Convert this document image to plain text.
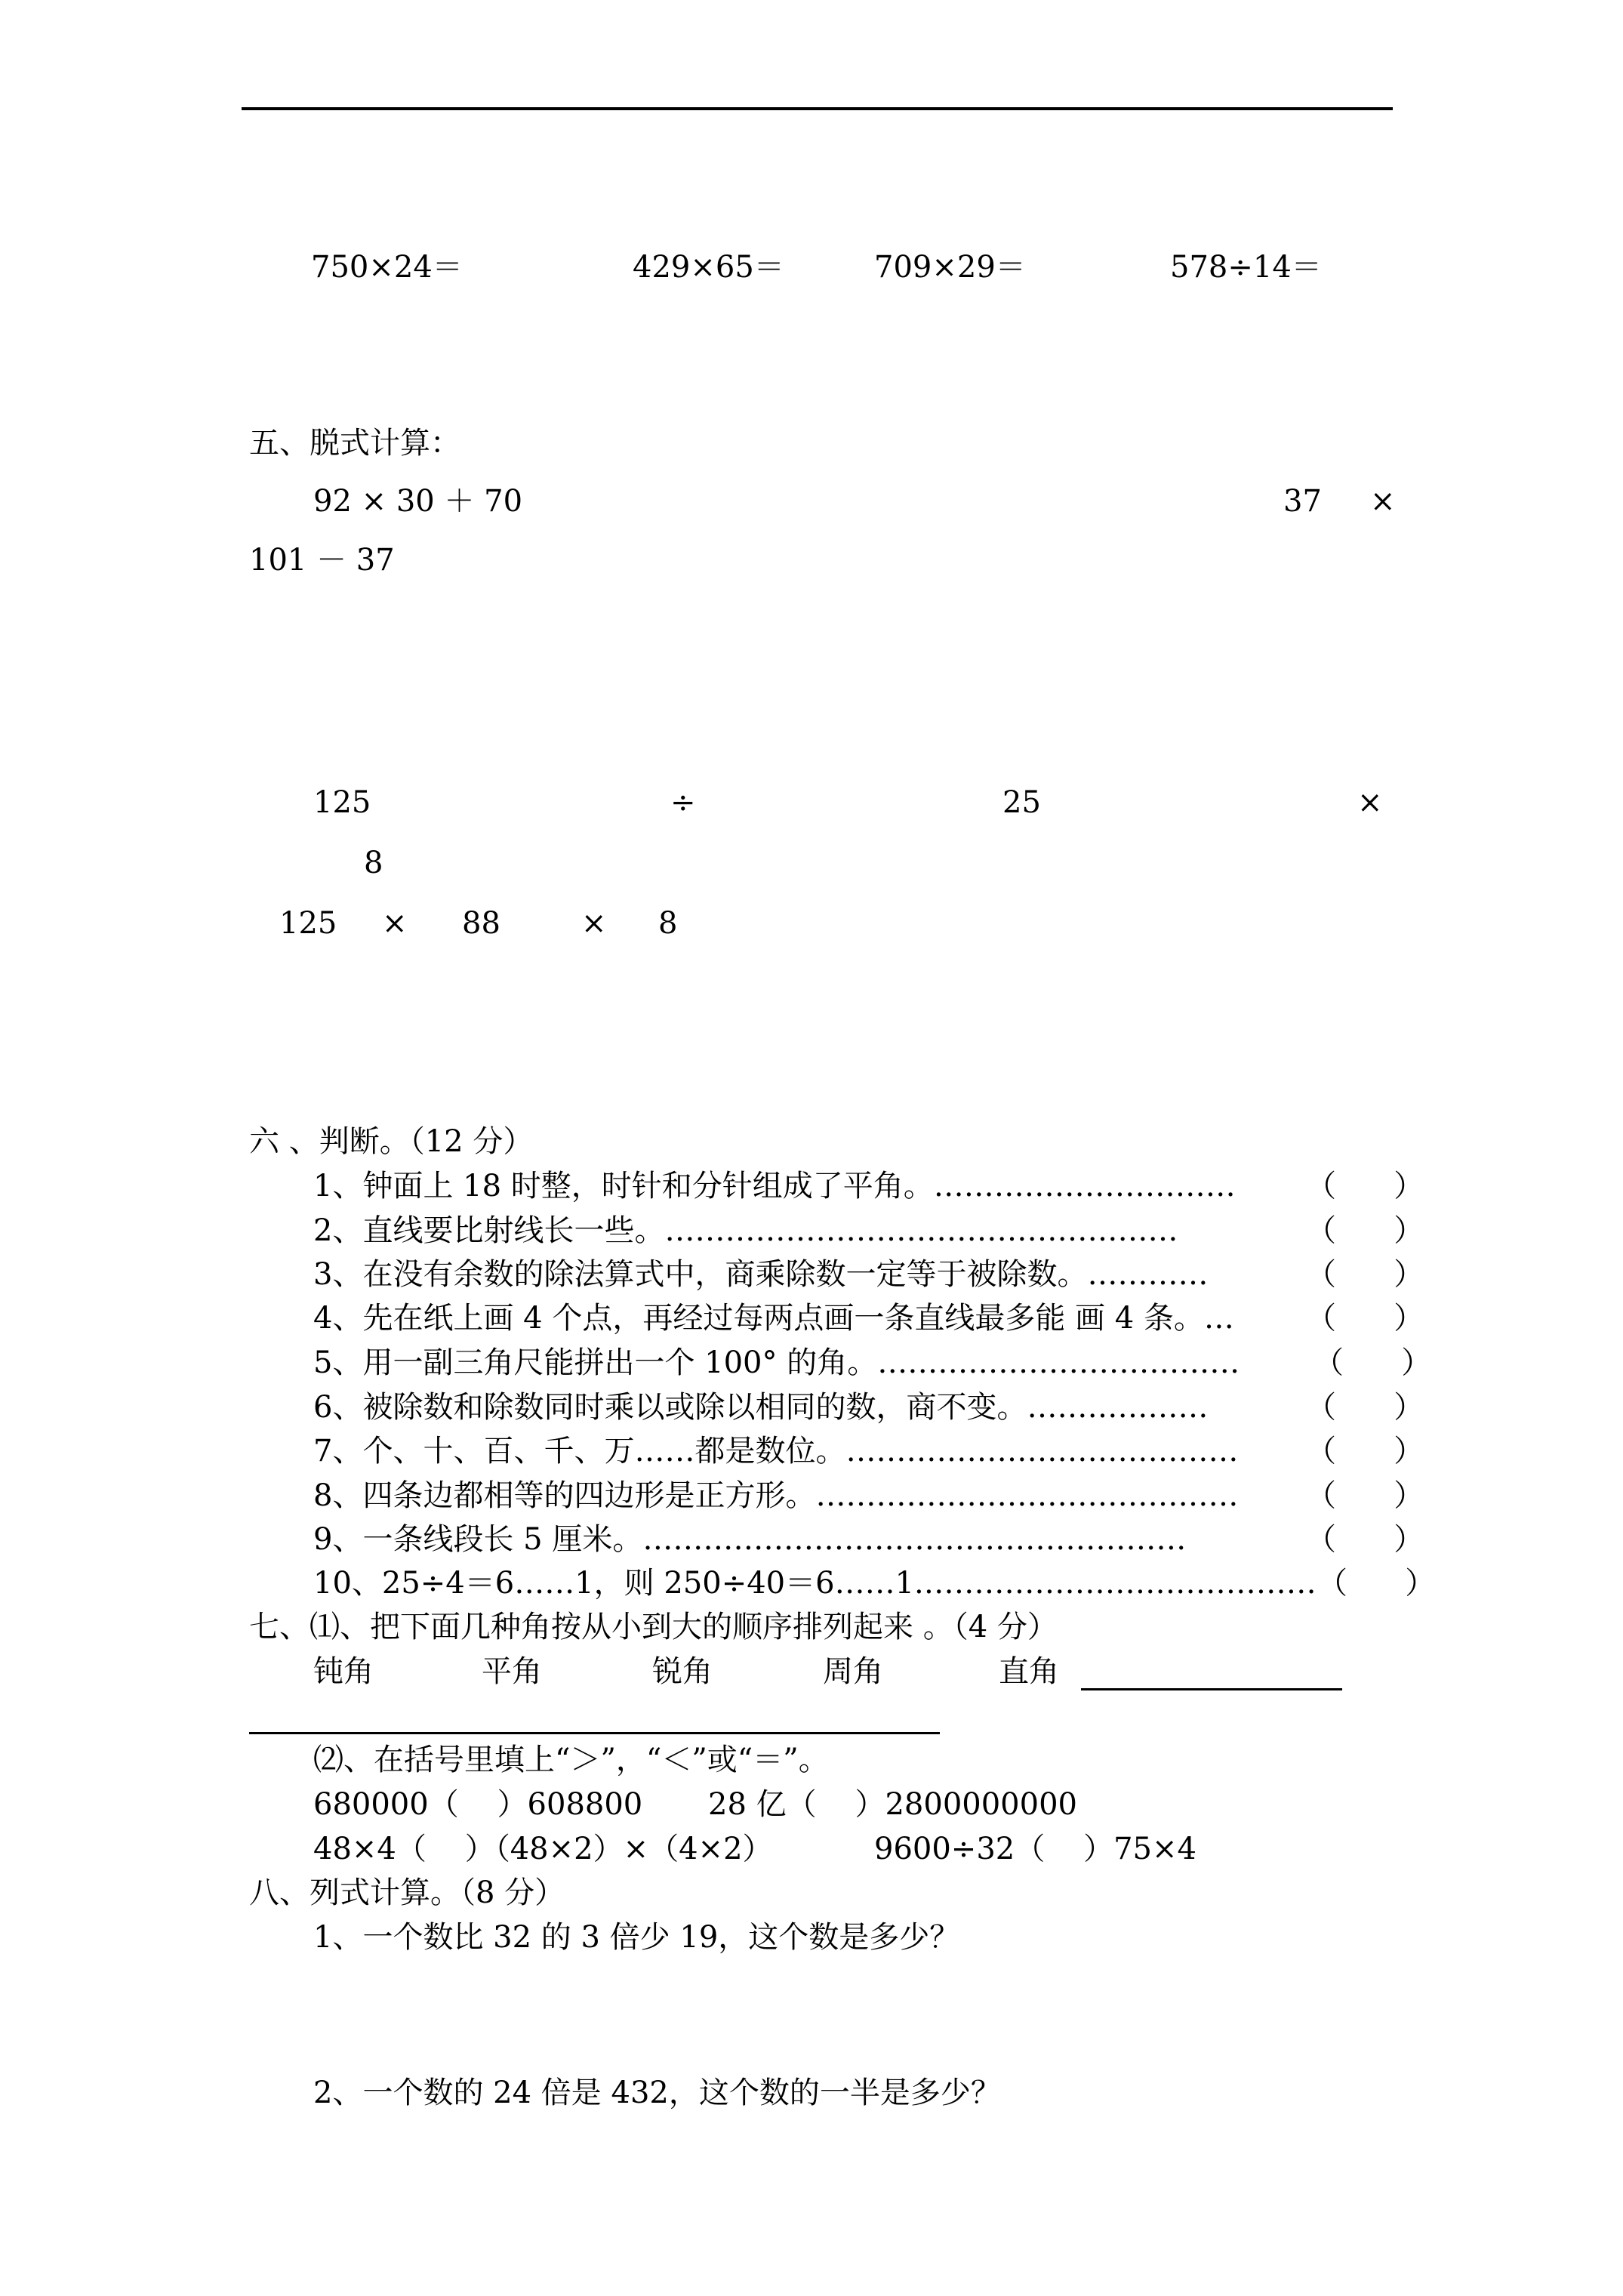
750×24＝	429×65＝	709×29＝	578÷14＝
五、脱式计算：
92 × 30 ＋ 70	37 ×
101 － 37
125	÷	25	×
8
125 × 88	× 8
六 、判断。（12 分）
1、钟面上 18 时整，时针和分针组成了平角。………………………… （      ）
2、直线要比射线长一些。……………………………………………	（      ）
3、在没有余数的除法算式中，商乘除数一定等于被除数。…………	（      ）
4、先在纸上画 4 个点，再经过每两点画一条直线最多能 画 4 条。… （      ）
5、用一副三角尺能拼出一个 100° 的角。……………………………… （      ）
6、被除数和除数同时乘以或除以相同的数，商不变。………………	（      ）
7、个、十、百、千、万……都是数位。………………………………… （      ）
8、四条边都相等的四边形是正方形。…………………………………… （      ）
9、一条线段长 5 厘米。………………………………………………	（      ）
10、25÷4＝6……1，则 250÷40＝6……1.………………………………… （      ）
七、⑴、把下面几种角按从小到大的顺序排列起来 。（4 分）
钝角	平角	锐角	周角	直角
⑵、在括号里填上“＞”，“＜”或“＝”。
680000（    ）608800 28 亿（    ）2800000000
48×4（    ）（48×2）×（4×2）	9600÷32（    ）75×4
八、列式计算。（8 分）
1、一个数比 32 的 3 倍少 19，这个数是多少？
2、一个数的 24 倍是 432，这个数的一半是多少？
